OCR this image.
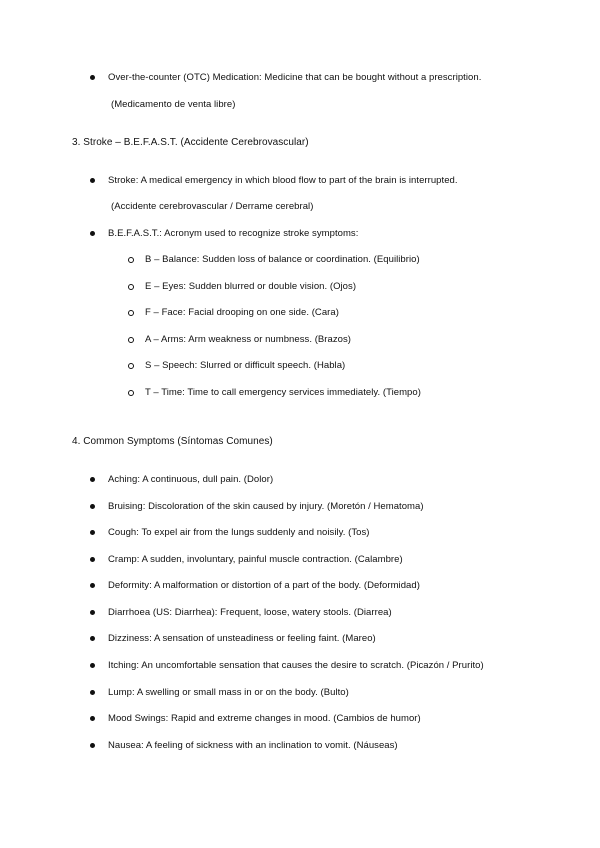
Over-the-counter (OTC) Medication: Medicine that can be bought without a prescription.
(Medicamento de venta libre)
3. Stroke – B.E.F.A.S.T. (Accidente Cerebrovascular)
Stroke: A medical emergency in which blood flow to part of the brain is interrupted.
(Accidente cerebrovascular / Derrame cerebral)
B.E.F.A.S.T.: Acronym used to recognize stroke symptoms:
B – Balance: Sudden loss of balance or coordination. (Equilibrio)
E – Eyes: Sudden blurred or double vision. (Ojos)
F – Face: Facial drooping on one side. (Cara)
A – Arms: Arm weakness or numbness. (Brazos)
S – Speech: Slurred or difficult speech. (Habla)
T – Time: Time to call emergency services immediately. (Tiempo)
4. Common Symptoms (Síntomas Comunes)
Aching: A continuous, dull pain. (Dolor)
Bruising: Discoloration of the skin caused by injury. (Moretón / Hematoma)
Cough: To expel air from the lungs suddenly and noisily. (Tos)
Cramp: A sudden, involuntary, painful muscle contraction. (Calambre)
Deformity: A malformation or distortion of a part of the body. (Deformidad)
Diarrhoea (US: Diarrhea): Frequent, loose, watery stools. (Diarrea)
Dizziness: A sensation of unsteadiness or feeling faint. (Mareo)
Itching: An uncomfortable sensation that causes the desire to scratch. (Picazón / Prurito)
Lump: A swelling or small mass in or on the body. (Bulto)
Mood Swings: Rapid and extreme changes in mood. (Cambios de humor)
Nausea: A feeling of sickness with an inclination to vomit. (Náuseas)
